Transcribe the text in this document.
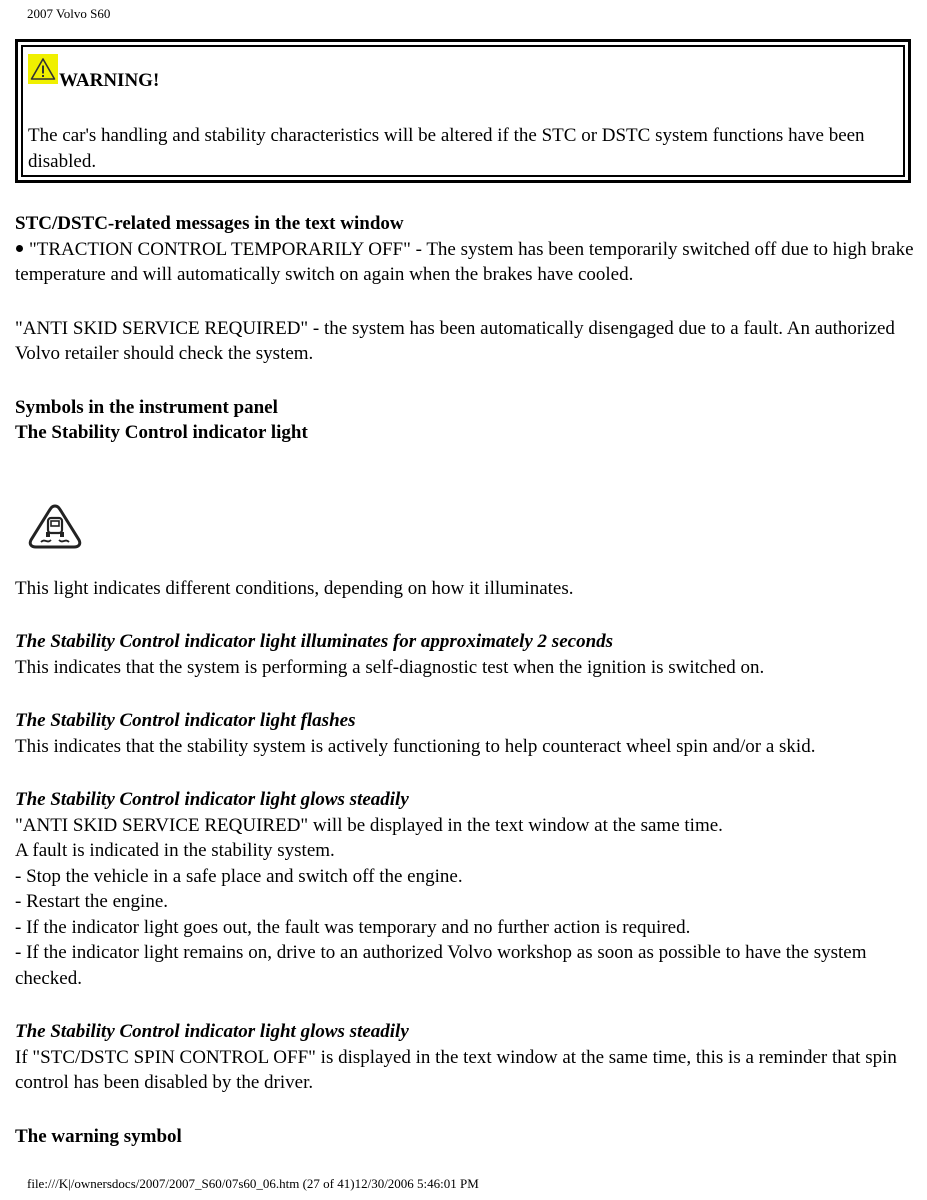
2007 Volvo S60

WARNING!

The car's handling and stability characteristics will be altered if the STC or DSTC system functions have been disabled.

STC/DSTC-related messages in the text window

"TRACTION CONTROL TEMPORARILY OFF" - The system has been temporarily switched off due to high brake temperature and will automatically switch on again when the brakes have cooled.

"ANTI SKID SERVICE REQUIRED" - the system has been automatically disengaged due to a fault. An authorized Volvo retailer should check the system.

Symbols in the instrument panel

The Stability Control indicator light

This light indicates different conditions, depending on how it illuminates.

The Stability Control indicator light illuminates for approximately 2 seconds

This indicates that the system is performing a self-diagnostic test when the ignition is switched on.

The Stability Control indicator light flashes

This indicates that the stability system is actively functioning to help counteract wheel spin and/or a skid.

The Stability Control indicator light glows steadily

"ANTI SKID SERVICE REQUIRED" will be displayed in the text window at the same time.

A fault is indicated in the stability system.

- Stop the vehicle in a safe place and switch off the engine.

- Restart the engine.

- If the indicator light goes out, the fault was temporary and no further action is required.

- If the indicator light remains on, drive to an authorized Volvo workshop as soon as possible to have the system checked.

The Stability Control indicator light glows steadily

If "STC/DSTC SPIN CONTROL OFF" is displayed in the text window at the same time, this is a reminder that spin control has been disabled by the driver.

The warning symbol

file:///K|/ownersdocs/2007/2007_S60/07s60_06.htm (27 of 41)12/30/2006 5:46:01 PM
